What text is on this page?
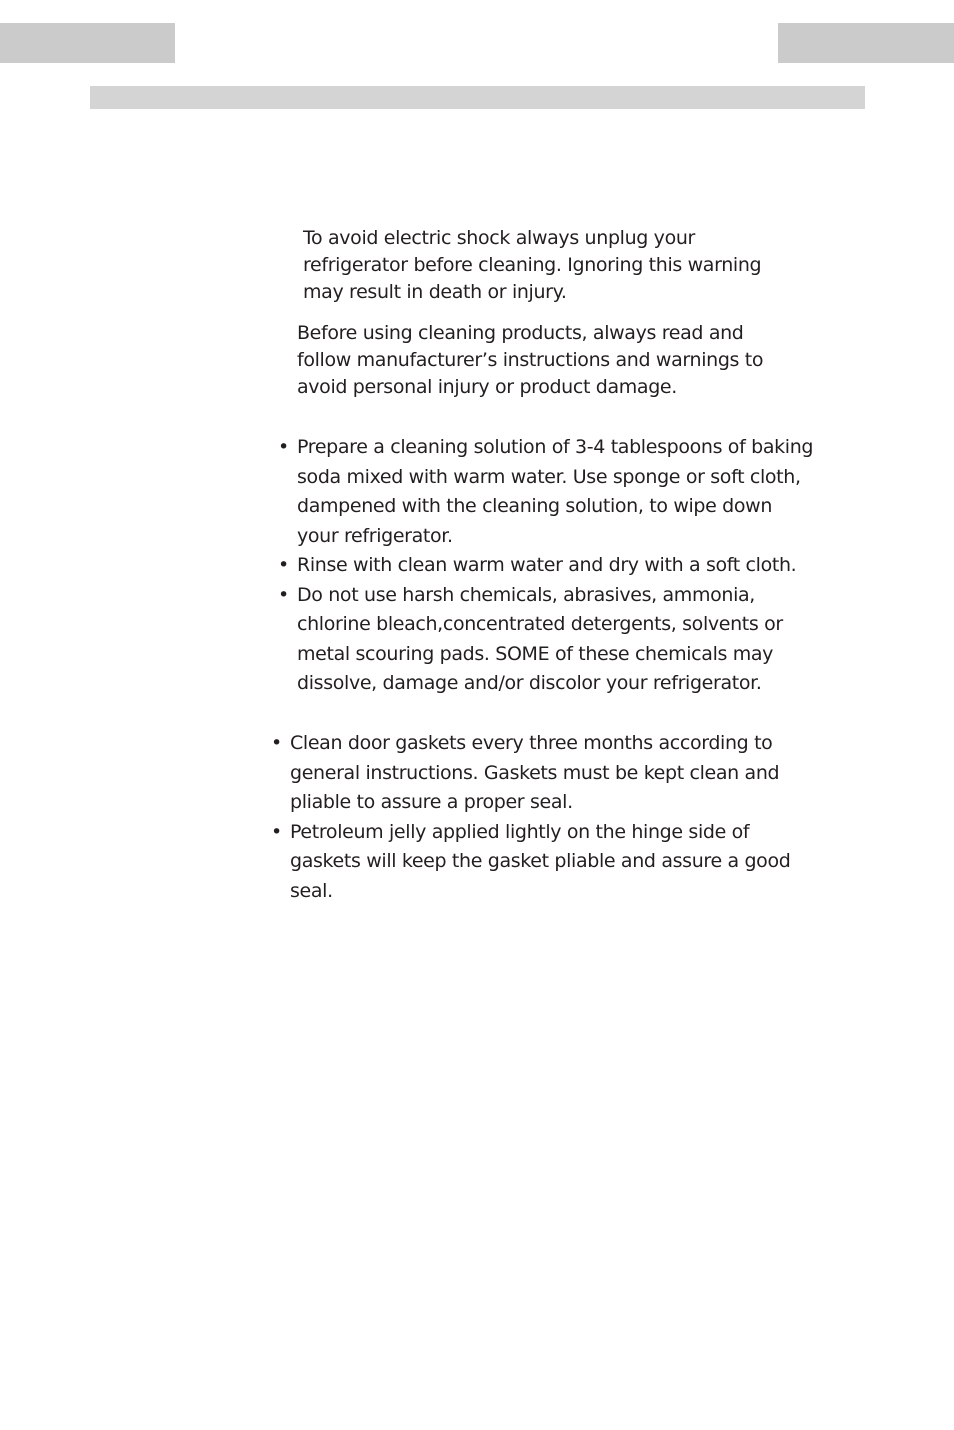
To avoid electric shock always unplug your refrigerator before cleaning. Ignoring this warning may result in death or injury.

Before using cleaning products, always read and follow manufacturer’s instructions and warnings to avoid personal injury or product damage.

• Prepare a cleaning solution of 3-4 tablespoons of baking soda mixed with warm water. Use sponge or soft cloth, dampened with the cleaning solution, to wipe down your refrigerator.
• Rinse with clean warm water and dry with a soft cloth.
• Do not use harsh chemicals, abrasives, ammonia, chlorine bleach,concentrated detergents, solvents or metal scouring pads. SOME of these chemicals may dissolve, damage and/or discolor your refrigerator.
• Clean door gaskets every three months according to general instructions. Gaskets must be kept clean and pliable to assure a proper seal.
• Petroleum jelly applied lightly on the hinge side of gaskets will keep the gasket pliable and assure a good seal.
